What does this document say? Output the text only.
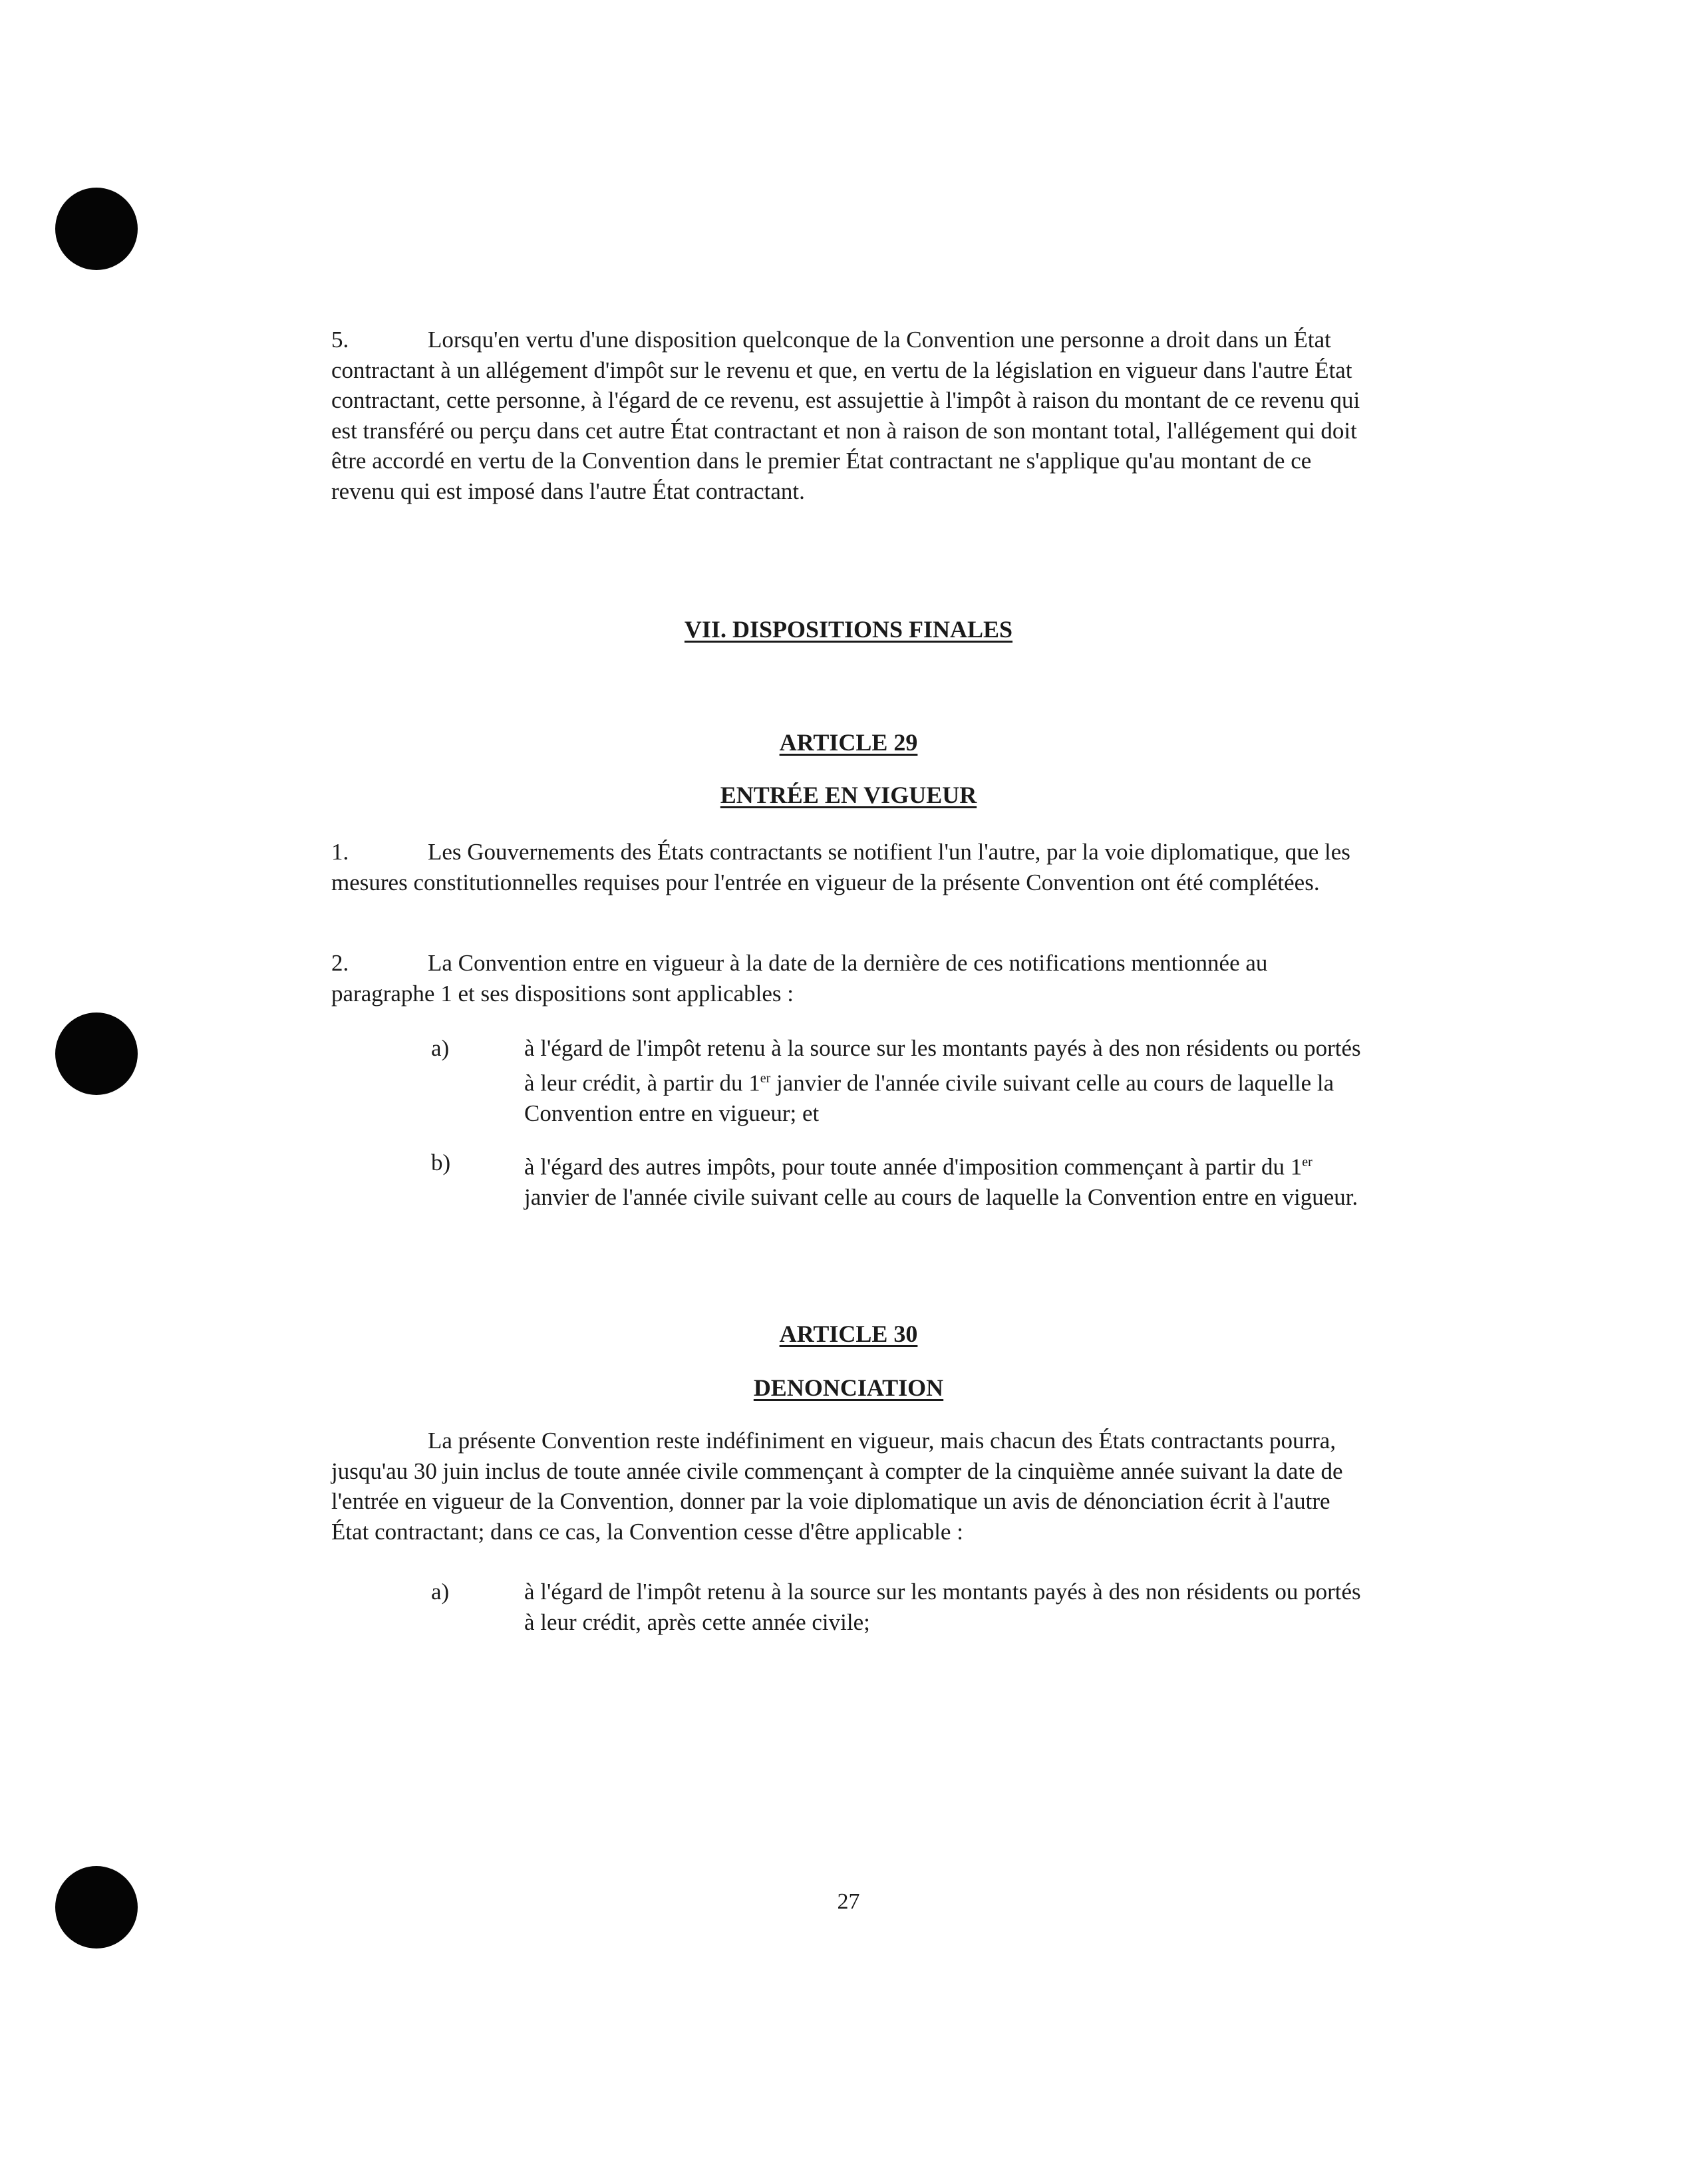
5.	Lorsqu'en vertu d'une disposition quelconque de la Convention une personne a droit dans un État contractant à un allégement d'impôt sur le revenu et que, en vertu de la législation en vigueur dans l'autre État contractant, cette personne, à l'égard de ce revenu, est assujettie à l'impôt à raison du montant de ce revenu qui est transféré ou perçu dans cet autre État contractant et non à raison de son montant total, l'allégement qui doit être accordé en vertu de la Convention dans le premier État contractant ne s'applique qu'au montant de ce revenu qui est imposé dans l'autre État contractant.
VII. DISPOSITIONS FINALES
ARTICLE 29
ENTRÉE EN VIGUEUR
1.	Les Gouvernements des États contractants se notifient l'un l'autre, par la voie diplomatique, que les mesures constitutionnelles requises pour l'entrée en vigueur de la présente Convention ont été complétées.
2.	La Convention entre en vigueur à la date de la dernière de ces notifications mentionnée au paragraphe 1 et ses dispositions sont applicables :
a)	à l'égard de l'impôt retenu à la source sur les montants payés à des non résidents ou portés à leur crédit, à partir du 1er janvier de l'année civile suivant celle au cours de laquelle la Convention entre en vigueur; et
b)	à l'égard des autres impôts, pour toute année d'imposition commençant à partir du 1er janvier de l'année civile suivant celle au cours de laquelle la Convention entre en vigueur.
ARTICLE 30
DENONCIATION
La présente Convention reste indéfiniment en vigueur, mais chacun des États contractants pourra, jusqu'au 30 juin inclus de toute année civile commençant à compter de la cinquième année suivant la date de l'entrée en vigueur de la Convention, donner par la voie diplomatique un avis de dénonciation écrit à l'autre État contractant; dans ce cas, la Convention cesse d'être applicable :
a)	à l'égard de l'impôt retenu à la source sur les montants payés à des non résidents ou portés à leur crédit, après cette année civile;
27
